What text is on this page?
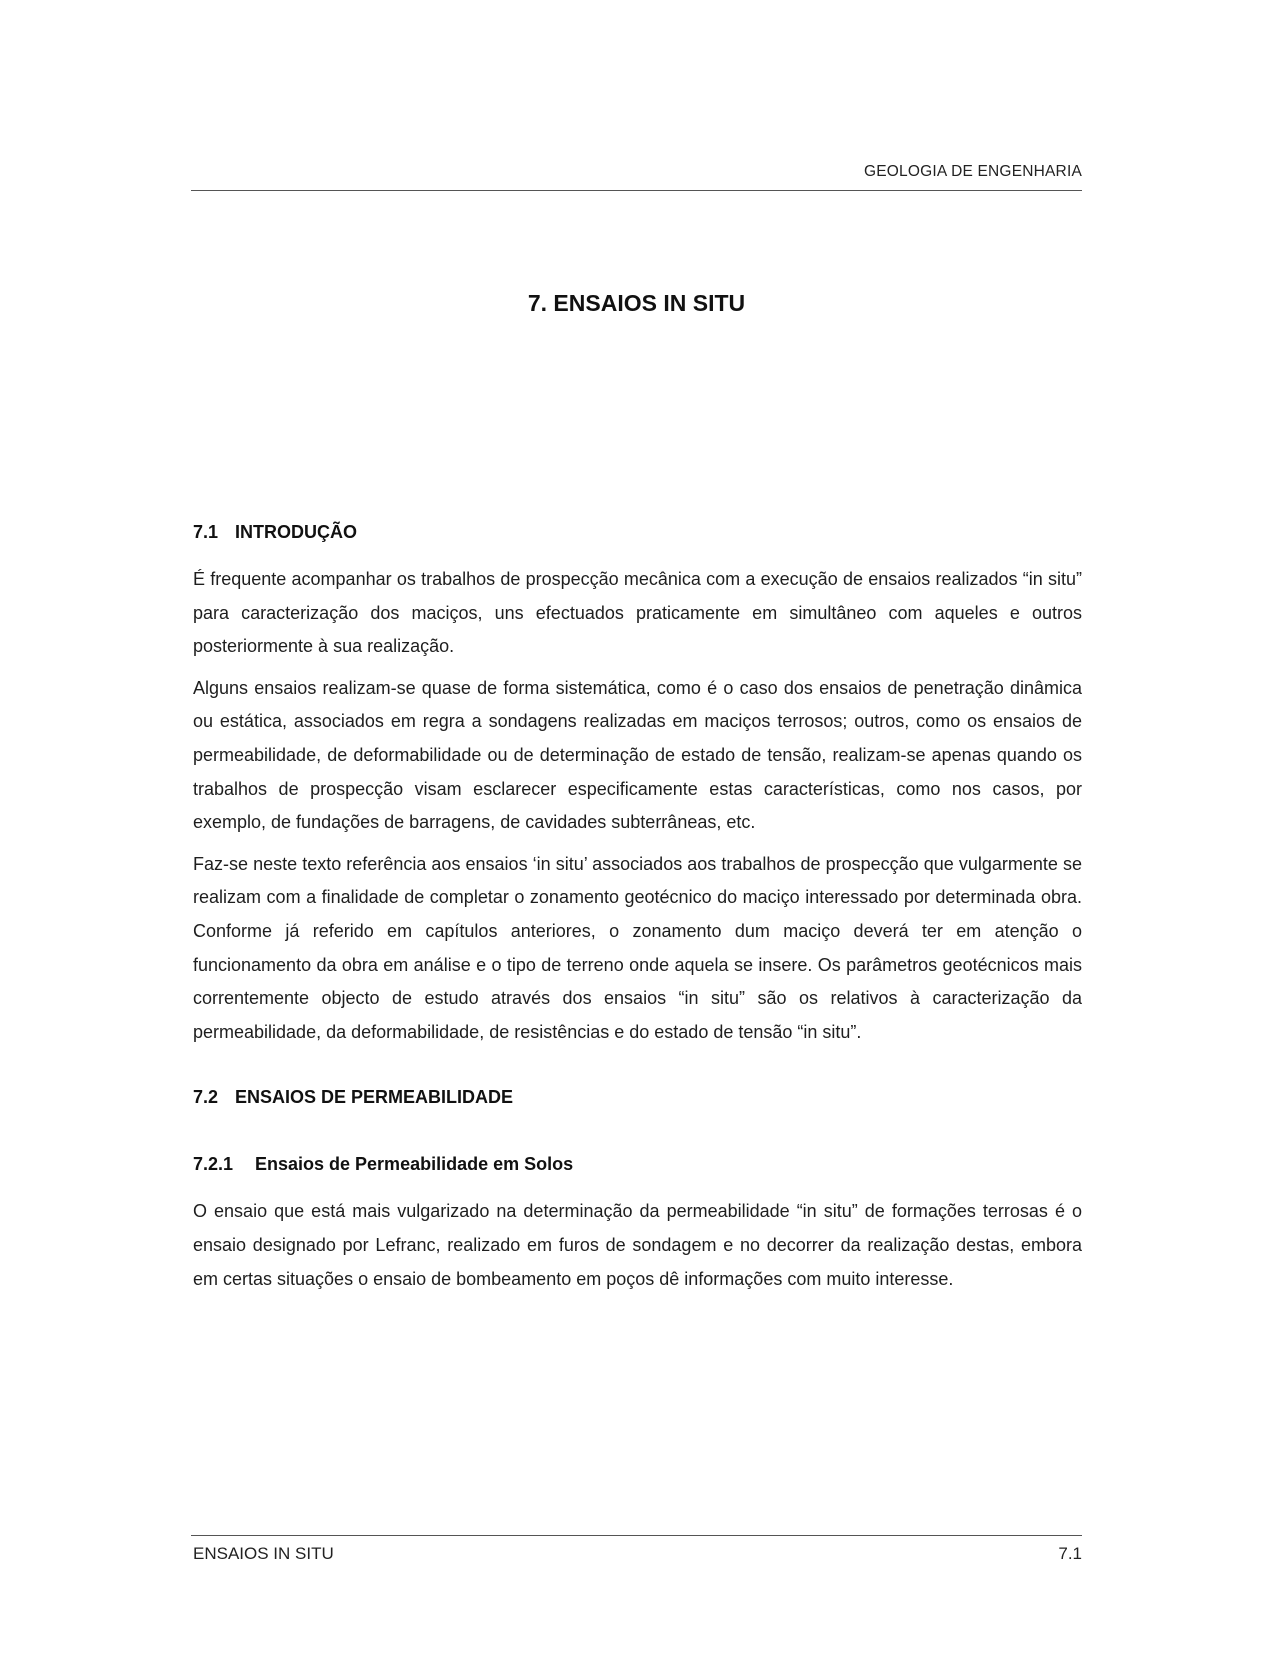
GEOLOGIA DE ENGENHARIA
7. ENSAIOS IN SITU
7.1 INTRODUÇÃO

É frequente acompanhar os trabalhos de prospecção mecânica com a execução de ensaios realizados “in situ” para caracterização dos maciços, uns efectuados praticamente em simultâneo com aqueles e outros posteriormente à sua realização.

Alguns ensaios realizam-se quase de forma sistemática, como é o caso dos ensaios de penetração dinâmica ou estática, associados em regra a sondagens realizadas em maciços terrosos; outros, como os ensaios de permeabilidade, de deformabilidade ou de determinação de estado de tensão, realizam-se apenas quando os trabalhos de prospecção visam esclarecer especificamente estas características, como nos casos, por exemplo, de fundações de barragens, de cavidades subterrâneas, etc.

Faz-se neste texto referência aos ensaios ‘in situ’ associados aos trabalhos de prospecção que vulgarmente se realizam com a finalidade de completar o zonamento geotécnico do maciço interessado por determinada obra. Conforme já referido em capítulos anteriores, o zonamento dum maciço deverá ter em atenção o funcionamento da obra em análise e o tipo de terreno onde aquela se insere. Os parâmetros geotécnicos mais correntemente objecto de estudo através dos ensaios “in situ” são os relativos à caracterização da permeabilidade, da deformabilidade, de resistências e do estado de tensão “in situ”.

7.2 ENSAIOS DE PERMEABILIDADE
7.2.1	Ensaios de Permeabilidade em Solos

O ensaio que está mais vulgarizado na determinação da permeabilidade “in situ” de formações terrosas é o ensaio designado por Lefranc, realizado em furos de sondagem e no decorrer da realização destas, embora em certas situações o ensaio de bombeamento em poços dê informações com muito interesse.

ENSAIOS IN SITU	7.1
